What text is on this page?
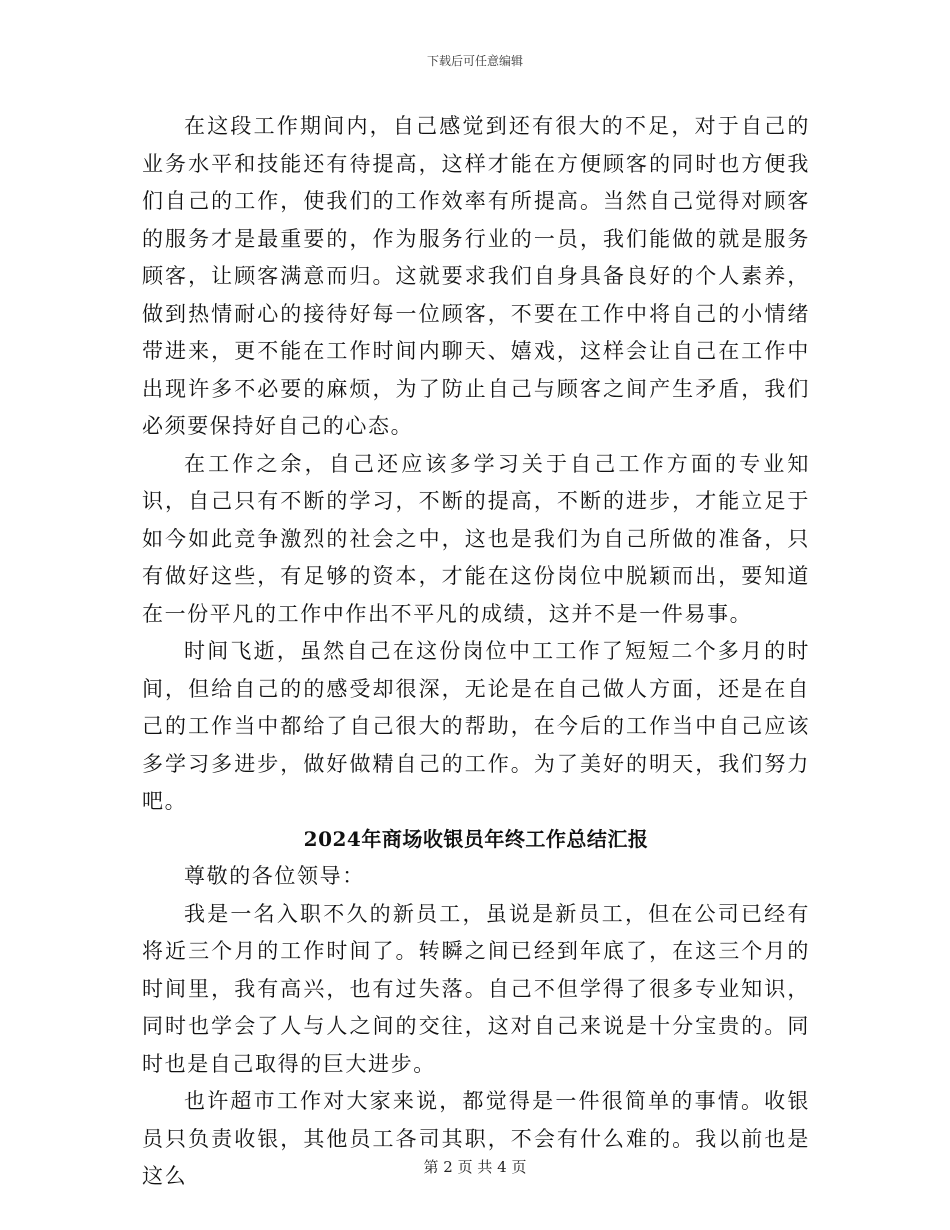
下载后可任意编辑

在这段工作期间内，自己感觉到还有很大的不足，对于自己的业务水平和技能还有待提高，这样才能在方便顾客的同时也方便我们自己的工作，使我们的工作效率有所提高。当然自己觉得对顾客的服务才是最重要的，作为服务行业的一员，我们能做的就是服务顾客，让顾客满意而归。这就要求我们自身具备良好的个人素养，做到热情耐心的接待好每一位顾客，不要在工作中将自己的小情绪带进来，更不能在工作时间内聊天、嬉戏，这样会让自己在工作中出现许多不必要的麻烦，为了防止自己与顾客之间产生矛盾，我们必须要保持好自己的心态。

在工作之余，自己还应该多学习关于自己工作方面的专业知识，自己只有不断的学习，不断的提高，不断的进步，才能立足于如今如此竞争激烈的社会之中，这也是我们为自己所做的准备，只有做好这些，有足够的资本，才能在这份岗位中脱颖而出，要知道在一份平凡的工作中作出不平凡的成绩，这并不是一件易事。

时间飞逝，虽然自己在这份岗位中工工作了短短二个多月的时间，但给自己的的感受却很深，无论是在自己做人方面，还是在自己的工作当中都给了自己很大的帮助，在今后的工作当中自己应该多学习多进步，做好做精自己的工作。为了美好的明天，我们努力吧。

2024年商场收银员年终工作总结汇报

尊敬的各位领导：

我是一名入职不久的新员工，虽说是新员工，但在公司已经有将近三个月的工作时间了。转瞬之间已经到年底了，在这三个月的时间里，我有高兴，也有过失落。自己不但学得了很多专业知识，同时也学会了人与人之间的交往，这对自己来说是十分宝贵的。同时也是自己取得的巨大进步。

也许超市工作对大家来说，都觉得是一件很简单的事情。收银员只负责收银，其他员工各司其职，不会有什么难的。我以前也是这么	第 2 页 共 4 页
